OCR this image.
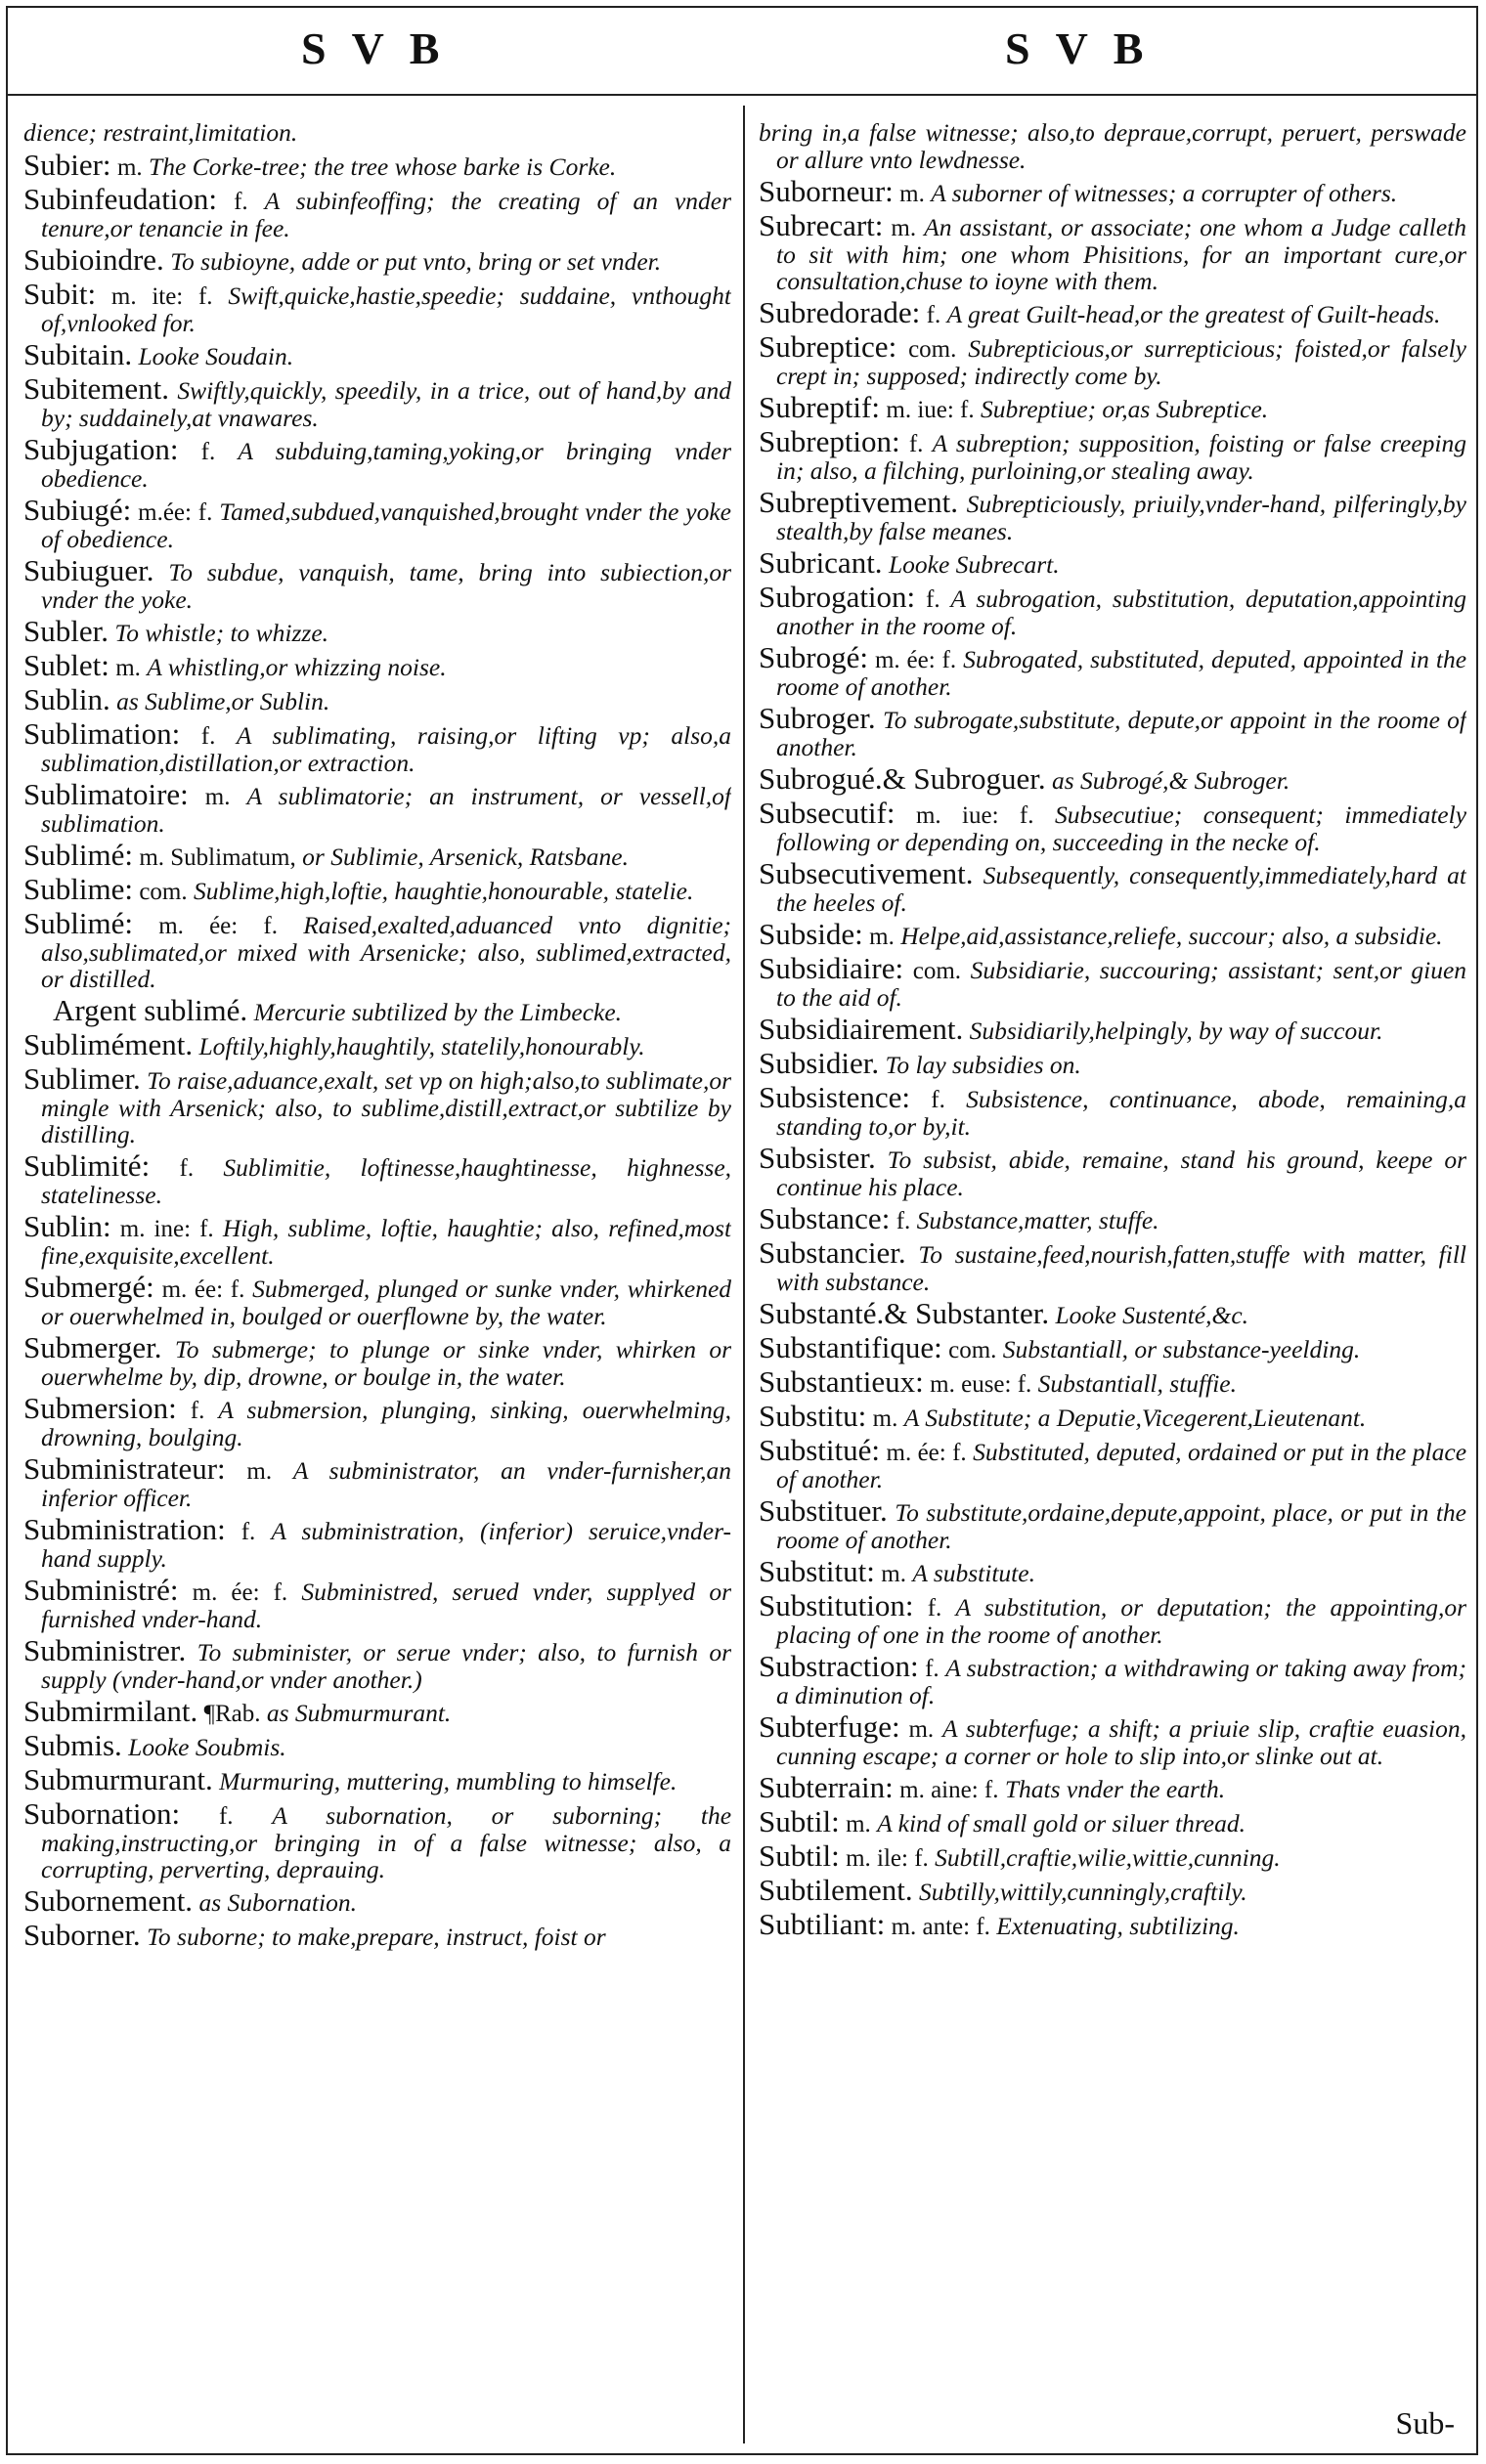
SVB	SVB

dience; restraint,limitation.

Subier: m. The Corke-tree; the tree whose barke is Corke.

Subinfeudation: f. A subinfeoffing; the creating of an vnder tenure,or tenancie in fee.

Subioindre. To subioyne, adde or put vnto, bring or set vnder.

Subit: m. ite: f. Swift,quicke,hastie,speedie; suddaine, vnthought of,vnlooked for.

Subitain. Looke Soudain.

Subitement. Swiftly,quickly, speedily, in a trice, out of hand,by and by; suddainely,at vnawares.

Subjugation: f. A subduing,taming,yoking,or bringing vnder obedience.

Subiugé: m.ée: f. Tamed,subdued,vanquished,brought vnder the yoke of obedience.

Subiuguer. To subdue, vanquish, tame, bring into subiection,or vnder the yoke.

Subler. To whistle; to whizze.

Sublet: m. A whistling,or whizzing noise.

Sublin. as Sublime,or Sublin.

Sublimation: f. A sublimating, raising,or lifting vp; also,a sublimation,distillation,or extraction.

Sublimatoire: m. A sublimatorie; an instrument, or vessell,of sublimation.

Sublimé: m. Sublimatum, or Sublimie, Arsenick, Ratsbane.

Sublime: com. Sublime,high,loftie, haughtie,honourable, statelie.

Sublimé: m. ée: f. Raised,exalted,aduanced vnto dignitie; also,sublimated,or mixed with Arsenicke; also, sublimed,extracted, or distilled.

Argent sublimé. Mercurie subtilized by the Limbecke.

Sublimément. Loftily,highly,haughtily, statelily,honourably.

Sublimer. To raise,aduance,exalt, set vp on high;also,to sublimate,or mingle with Arsenick; also, to sublime,distill,extract,or subtilize by distilling.

Sublimité: f. Sublimitie, loftinesse,haughtinesse, highnesse, statelinesse.

Sublin: m. ine: f. High, sublime, loftie, haughtie; also, refined,most fine,exquisite,excellent.

Submergé: m. ée: f. Submerged, plunged or sunke vnder, whirkened or ouerwhelmed in, boulged or ouerflowne by, the water.

Submerger. To submerge; to plunge or sinke vnder, whirken or ouerwhelme by, dip, drowne, or boulge in, the water.

Submersion: f. A submersion, plunging, sinking, ouerwhelming, drowning, boulging.

Subministrateur: m. A subministrator, an vnder-furnisher,an inferior officer.

Subministration: f. A subministration, (inferior) seruice,vnder-hand supply.

Subministré: m. ée: f. Subministred, serued vnder, supplyed or furnished vnder-hand.

Subministrer. To subminister, or serue vnder; also, to furnish or supply (vnder-hand,or vnder another.)

Submirmilant. ¶Rab. as Submurmurant.

Submis. Looke Soubmis.

Submurmurant. Murmuring, muttering, mumbling to himselfe.

Subornation: f. A subornation, or suborning; the making,instructing,or bringing in of a false witnesse; also, a corrupting, perverting, deprauing.

Subornement. as Subornation.

Suborner. To suborne; to make,prepare, instruct, foist or

bring in,a false witnesse; also,to depraue,corrupt, peruert, perswade or allure vnto lewdnesse.

Suborneur: m. A suborner of witnesses; a corrupter of others.

Subrecart: m. An assistant, or associate; one whom a Judge calleth to sit with him; one whom Phisitions, for an important cure,or consultation,chuse to ioyne with them.

Subredorade: f. A great Guilt-head,or the greatest of Guilt-heads.

Subreptice: com. Subrepticious,or surrepticious; foisted,or falsely crept in; supposed; indirectly come by.

Subreptif: m. iue: f. Subreptiue; or,as Subreptice.

Subreption: f. A subreption; supposition, foisting or false creeping in; also, a filching, purloining,or stealing away.

Subreptivement. Subrepticiously, priuily,vnder-hand, pilferingly,by stealth,by false meanes.

Subricant. Looke Subrecart.

Subrogation: f. A subrogation, substitution, deputation,appointing another in the roome of.

Subrogé: m. ée: f. Subrogated, substituted, deputed, appointed in the roome of another.

Subroger. To subrogate,substitute, depute,or appoint in the roome of another.

Subrogué.& Subroguer. as Subrogé,& Subroger.

Subsecutif: m. iue: f. Subsecutiue; consequent; immediately following or depending on, succeeding in the necke of.

Subsecutivement. Subsequently, consequently,immediately,hard at the heeles of.

Subside: m. Helpe,aid,assistance,reliefe, succour; also, a subsidie.

Subsidiaire: com. Subsidiarie, succouring; assistant; sent,or giuen to the aid of.

Subsidiairement. Subsidiarily,helpingly, by way of succour.

Subsidier. To lay subsidies on.

Subsistence: f. Subsistence, continuance, abode, remaining,a standing to,or by,it.

Subsister. To subsist, abide, remaine, stand his ground, keepe or continue his place.

Substance: f. Substance,matter, stuffe.

Substancier. To sustaine,feed,nourish,fatten,stuffe with matter, fill with substance.

Substanté.& Substanter. Looke Sustenté,&c.

Substantifique: com. Substantiall, or substance-yeelding.

Substantieux: m. euse: f. Substantiall, stuffie.

Substitu: m. A Substitute; a Deputie,Vicegerent,Lieutenant.

Substitué: m. ée: f. Substituted, deputed, ordained or put in the place of another.

Substituer. To substitute,ordaine,depute,appoint, place, or put in the roome of another.

Substitut: m. A substitute.

Substitution: f. A substitution, or deputation; the appointing,or placing of one in the roome of another.

Substraction: f. A substraction; a withdrawing or taking away from; a diminution of.

Subterfuge: m. A subterfuge; a shift; a priuie slip, craftie euasion, cunning escape; a corner or hole to slip into,or slinke out at.

Subterrain: m. aine: f. Thats vnder the earth.

Subtil: m. A kind of small gold or siluer thread.

Subtil: m. ile: f. Subtill,craftie,wilie,wittie,cunning.

Subtilement. Subtilly,wittily,cunningly,craftily.

Subtiliant: m. ante: f. Extenuating, subtilizing.

Sub-
